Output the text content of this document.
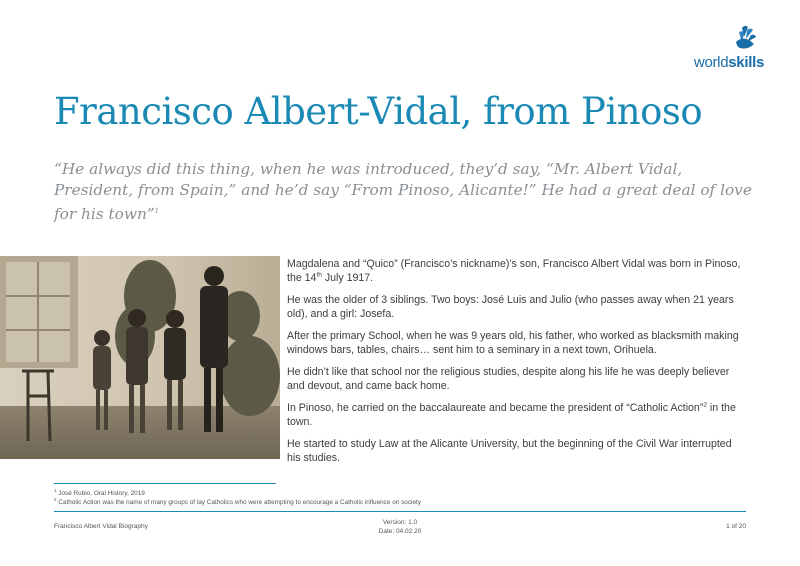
worldskills
Francisco Albert-Vidal, from Pinoso

“He always did this thing, when he was introduced, they’d say, “Mr. Albert Vidal, President, from Spain,” and he’d say “From Pinoso, Alicante!” He had a great deal of love for his town”$^1$

Magdalena and “Quico” (Francisco’s nickname)’s son, Francisco Albert Vidal was born in Pinoso, the 14th July 1917.

He was the older of 3 siblings. Two boys: José Luis and Julio (who passes away when 21 years old), and a girl: Josefa.

After the primary School, when he was 9 years old, his father, who worked as blacksmith making windows bars, tables, chairs… sent him to a seminary in a next town, Orihuela.

He didn’t like that school nor the religious studies, despite along his life he was deeply believer and devout, and came back home.

In Pinoso, he carried on the baccalaureate and became the president of “Catholic Action”$^2$ in the town.

He started to study Law at the Alicante University, but the beginning of the Civil War interrupted his studies.

$^1$ José Rubio, Oral History, 2019
$^2$ Catholic Action was the name of many groups of lay Catholics who were attempting to encourage a Catholic influence on society
Francisco Albert Vidal Biography
Version: 1.0
Date: 04.02.20
1 of 20
